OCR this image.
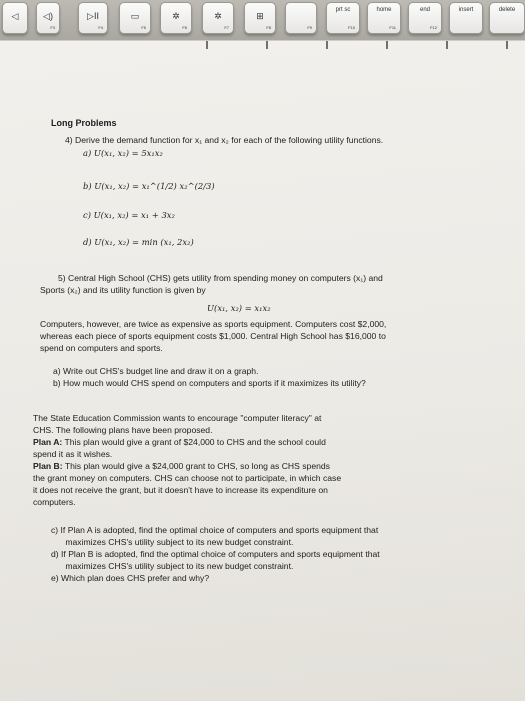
◁	◁)
F3
▷II
F4
▭
F5
✲
F6
✲
F7
⊞
F8	F9
prt sc
F10
home
F11
end
F12
insert	delete
Long Problems
4) Derive the demand function for x₁ and x₂ for each of the following utility functions.
a) U(x₁, x₂) = 5x₁x₂
b) U(x₁, x₂) = x₁^(1/2) x₂^(2/3)
c) U(x₁, x₂) = x₁ + 3x₂
d) U(x₁, x₂) = min (x₁, 2x₂)
5) Central High School (CHS) gets utility from spending money on computers (x₁) and
Sports (x₂) and its utility function is given by
U(x₁, x₂) = x₁x₂
Computers, however, are twice as expensive as sports equipment. Computers cost $2,000,
whereas each piece of sports equipment costs $1,000. Central High School has $16,000 to
spend on computers and sports.
a) Write out CHS's budget line and draw it on a graph.
b) How much would CHS spend on computers and sports if it maximizes its utility?
The State Education Commission wants to encourage "computer literacy" at
CHS. The following plans have been proposed.
Plan A: This plan would give a grant of $24,000 to CHS and the school could
spend it as it wishes.
Plan B: This plan would give a $24,000 grant to CHS, so long as CHS spends
the grant money on computers. CHS can choose not to participate, in which case
it does not receive the grant, but it doesn't have to increase its expenditure on
computers.
c) If Plan A is adopted, find the optimal choice of computers and sports equipment that
maximizes CHS's utility subject to its new budget constraint.
d) If Plan B is adopted, find the optimal choice of computers and sports equipment that
maximizes CHS's utility subject to its new budget constraint.
e) Which plan does CHS prefer and why?
